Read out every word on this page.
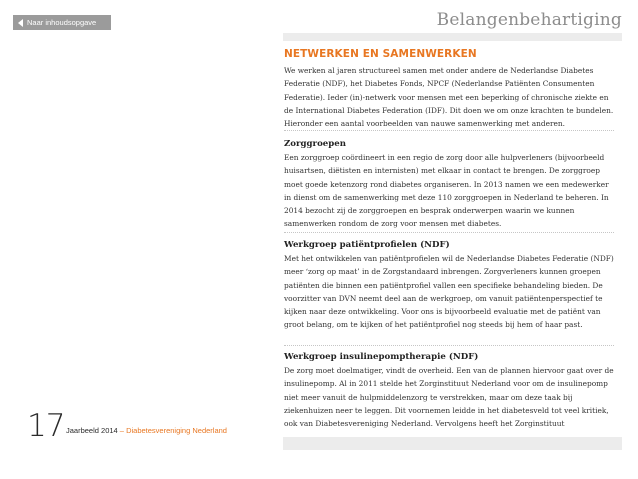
Naar inhoudsopgave	Belangenbehartiging
NETWERKEN EN SAMENWERKEN

We werken al jaren structureel samen met onder andere de Nederlandse Diabetes Federatie (NDF), het Diabetes Fonds, NPCF (Nederlandse Patiënten Consumenten Federatie). Ieder (in)-netwerk voor mensen met een beperking of chronische ziekte en de International Diabetes Federation (IDF). Dit doen we om onze krachten te bundelen. Hieronder een aantal voorbeelden van nauwe samenwerking met anderen.

Zorggroepen

Een zorggroep coördineert in een regio de zorg door alle hulpverleners (bijvoorbeeld huisartsen, diëtisten en internisten) met elkaar in contact te brengen. De zorggroep moet goede ketenzorg rond diabetes organiseren. In 2013 namen we een medewerker in dienst om de samenwerking met deze 110 zorggroepen in Nederland te beheren. In 2014 bezocht zij de zorggroepen en besprak onderwerpen waarin we kunnen samenwerken rondom de zorg voor mensen met diabetes.

Werkgroep patiëntprofielen (NDF)

Met het ontwikkelen van patiëntprofielen wil de Nederlandse Diabetes Federatie (NDF) meer ‘zorg op maat’ in de Zorgstandaard inbrengen. Zorgverleners kunnen groepen patiënten die binnen een patiëntprofiel vallen een specifieke behandeling bieden. De voorzitter van DVN neemt deel aan de werkgroep, om vanuit patiëntenperspectief te kijken naar deze ontwikkeling. Voor ons is bijvoorbeeld evaluatie met de patiënt van groot belang, om te kijken of het patiëntprofiel nog steeds bij hem of haar past.

Werkgroep insulinepomptherapie (NDF)

De zorg moet doelmatiger, vindt de overheid. Een van de plannen hiervoor gaat over de insulinepomp. Al in 2011 stelde het Zorginstituut Nederland voor om de insulinepomp niet meer vanuit de hulpmiddelenzorg te verstrekken, maar om deze taak bij ziekenhuizen neer te leggen. Dit voornemen leidde in het diabetesveld tot veel kritiek, ook van Diabetesvereniging Nederland. Vervolgens heeft het Zorginstituut

17 Jaarbeeld 2014 – Diabetesvereniging Nederland
